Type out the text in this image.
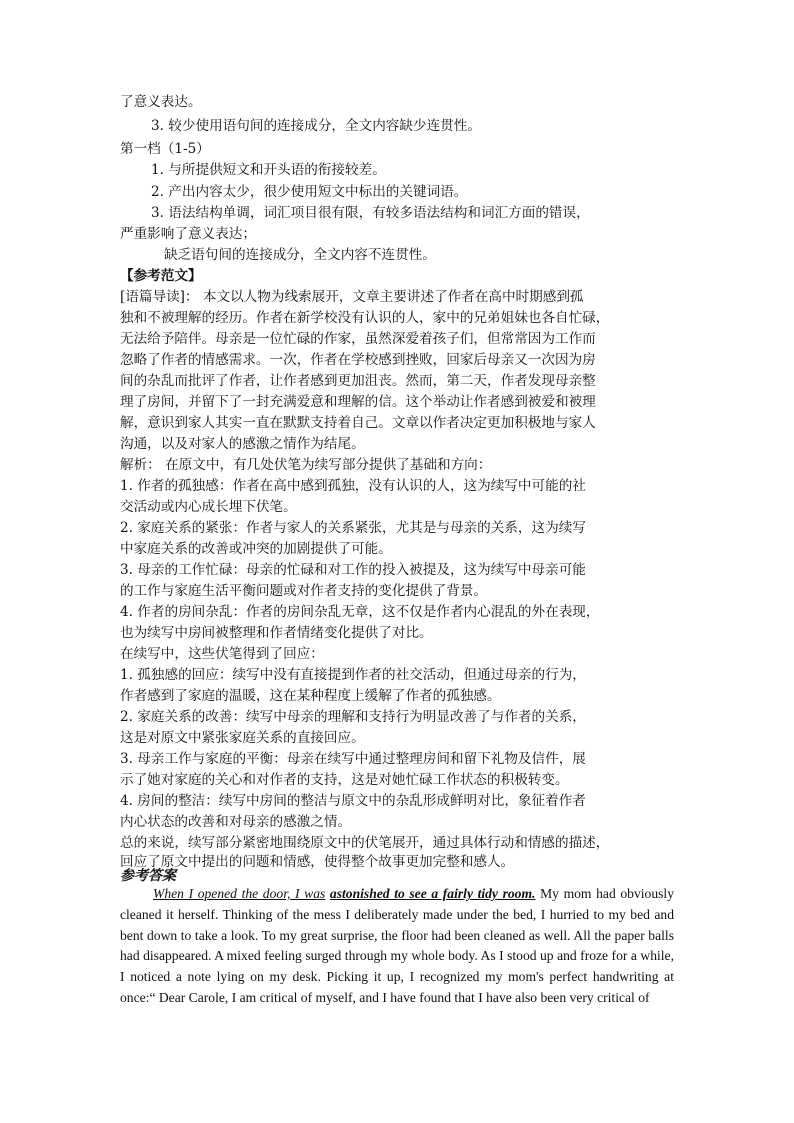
了意义表达。
3. 较少使用语句间的连接成分，全文内容缺少连贯性。
第一档（1-5）
1. 与所提供短文和开头语的衔接较差。
2. 产出内容太少，很少使用短文中标出的关键词语。
3. 语法结构单调，词汇项目很有限，有较多语法结构和词汇方面的错误，
严重影响了意义表达；
缺乏语句间的连接成分，全文内容不连贯性。
【参考范文】
[语篇导读]： 本文以人物为线索展开，文章主要讲述了作者在高中时期感到孤
独和不被理解的经历。作者在新学校没有认识的人，家中的兄弟姐妹也各自忙碌，
无法给予陪伴。母亲是一位忙碌的作家，虽然深爱着孩子们，但常常因为工作而
忽略了作者的情感需求。一次，作者在学校感到挫败，回家后母亲又一次因为房
间的杂乱而批评了作者，让作者感到更加沮丧。然而，第二天，作者发现母亲整
理了房间，并留下了一封充满爱意和理解的信。这个举动让作者感到被爱和被理
解，意识到家人其实一直在默默支持着自己。文章以作者决定更加积极地与家人
沟通，以及对家人的感激之情作为结尾。
解析： 在原文中，有几处伏笔为续写部分提供了基础和方向：
1. 作者的孤独感：作者在高中感到孤独，没有认识的人，这为续写中可能的社
交活动或内心成长埋下伏笔。
2. 家庭关系的紧张：作者与家人的关系紧张，尤其是与母亲的关系，这为续写
中家庭关系的改善或冲突的加剧提供了可能。
3. 母亲的工作忙碌：母亲的忙碌和对工作的投入被提及，这为续写中母亲可能
的工作与家庭生活平衡问题或对作者支持的变化提供了背景。
4. 作者的房间杂乱：作者的房间杂乱无章，这不仅是作者内心混乱的外在表现，
也为续写中房间被整理和作者情绪变化提供了对比。
在续写中，这些伏笔得到了回应：
1. 孤独感的回应：续写中没有直接提到作者的社交活动，但通过母亲的行为，
作者感到了家庭的温暖，这在某种程度上缓解了作者的孤独感。
2. 家庭关系的改善：续写中母亲的理解和支持行为明显改善了与作者的关系，
这是对原文中紧张家庭关系的直接回应。
3. 母亲工作与家庭的平衡：母亲在续写中通过整理房间和留下礼物及信件，展
示了她对家庭的关心和对作者的支持，这是对她忙碌工作状态的积极转变。
4. 房间的整洁：续写中房间的整洁与原文中的杂乱形成鲜明对比，象征着作者
内心状态的改善和对母亲的感激之情。
总的来说，续写部分紧密地围绕原文中的伏笔展开，通过具体行动和情感的描述，
回应了原文中提出的问题和情感，使得整个故事更加完整和感人。
参考答案

When I opened the door, I was astonished to see a fairly tidy room. My mom had obviously cleaned it herself. Thinking of the mess I deliberately made under the bed, I hurried to my bed and bent down to take a look. To my great surprise, the floor had been cleaned as well. All the paper balls had disappeared. A mixed feeling surged through my whole body. As I stood up and froze for a while, I noticed a note lying on my desk. Picking it up, I recognized my mom's perfect handwriting at once:“ Dear Carole, I am critical of myself, and I have found that I have also been very critical of
